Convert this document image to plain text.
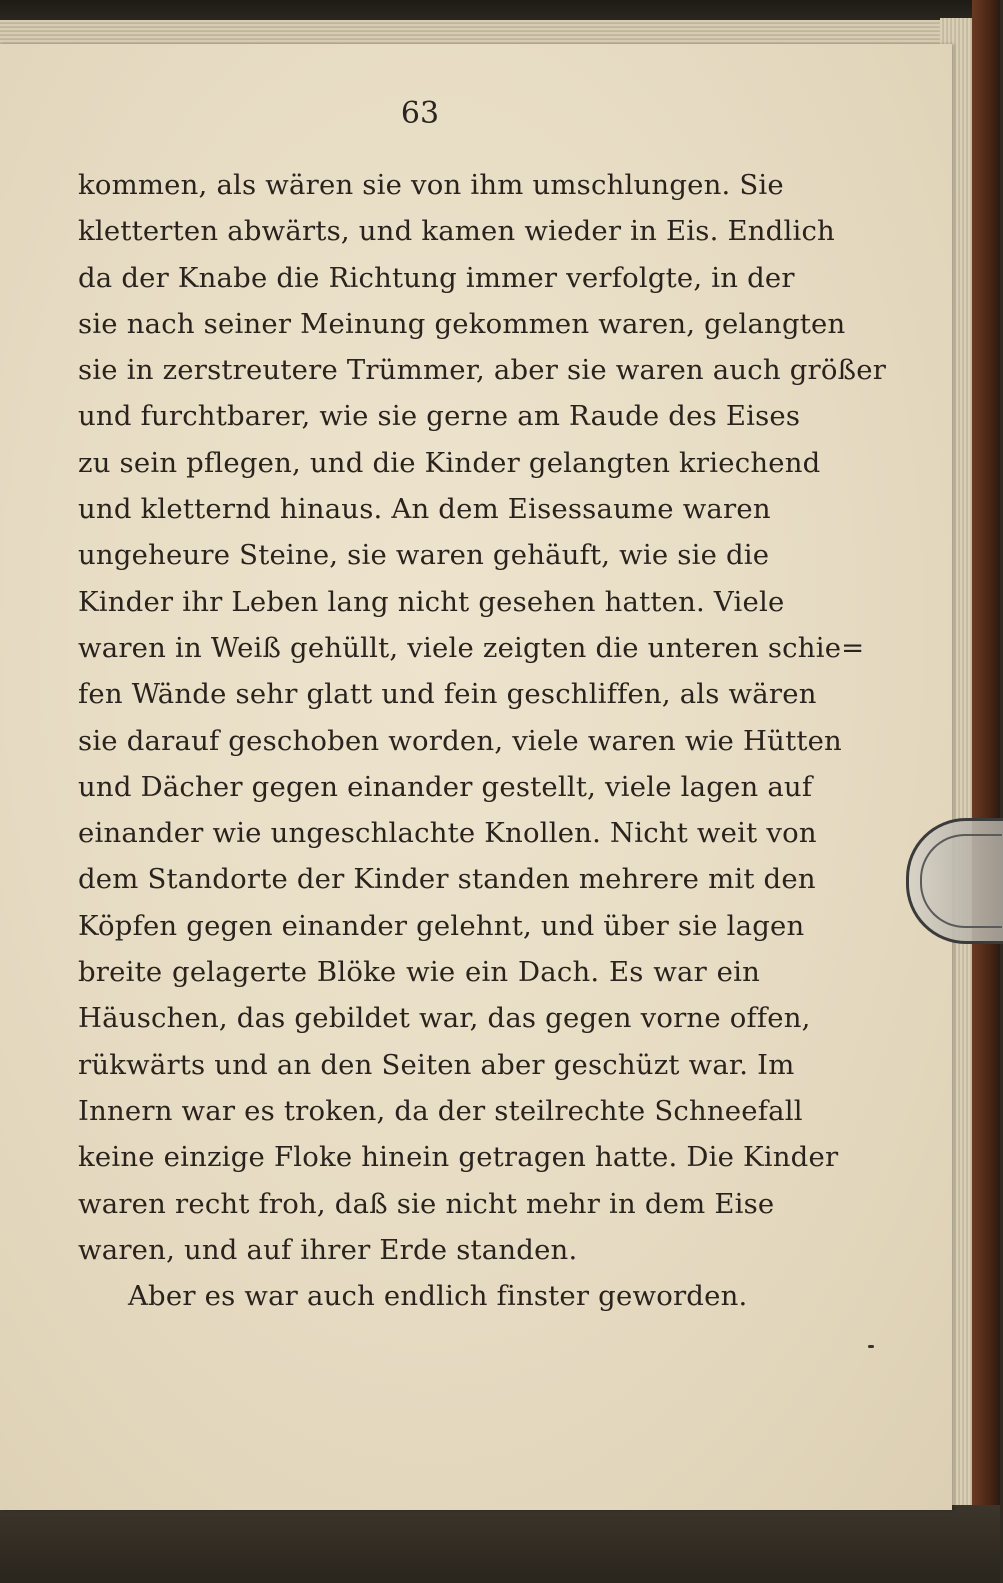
63
kommen, als wären sie von ihm umschlungen. Sie
kletterten abwärts, und kamen wieder in Eis. Endlich
da der Knabe die Richtung immer verfolgte, in der
sie nach seiner Meinung gekommen waren, gelangten
sie in zerstreutere Trümmer, aber sie waren auch größer
und furchtbarer, wie sie gerne am Raude des Eises
zu sein pflegen, und die Kinder gelangten kriechend
und kletternd hinaus. An dem Eisessaume waren
ungeheure Steine, sie waren gehäuft, wie sie die
Kinder ihr Leben lang nicht gesehen hatten. Viele
waren in Weiß gehüllt, viele zeigten die unteren schie=
fen Wände sehr glatt und fein geschliffen, als wären
sie darauf geschoben worden, viele waren wie Hütten
und Dächer gegen einander gestellt, viele lagen auf
einander wie ungeschlachte Knollen. Nicht weit von
dem Standorte der Kinder standen mehrere mit den
Köpfen gegen einander gelehnt, und über sie lagen
breite gelagerte Blöke wie ein Dach. Es war ein
Häuschen, das gebildet war, das gegen vorne offen,
rükwärts und an den Seiten aber geschüzt war. Im
Innern war es troken, da der steilrechte Schneefall
keine einzige Floke hinein getragen hatte. Die Kinder
waren recht froh, daß sie nicht mehr in dem Eise
waren, und auf ihrer Erde standen.
Aber es war auch endlich finster geworden.
